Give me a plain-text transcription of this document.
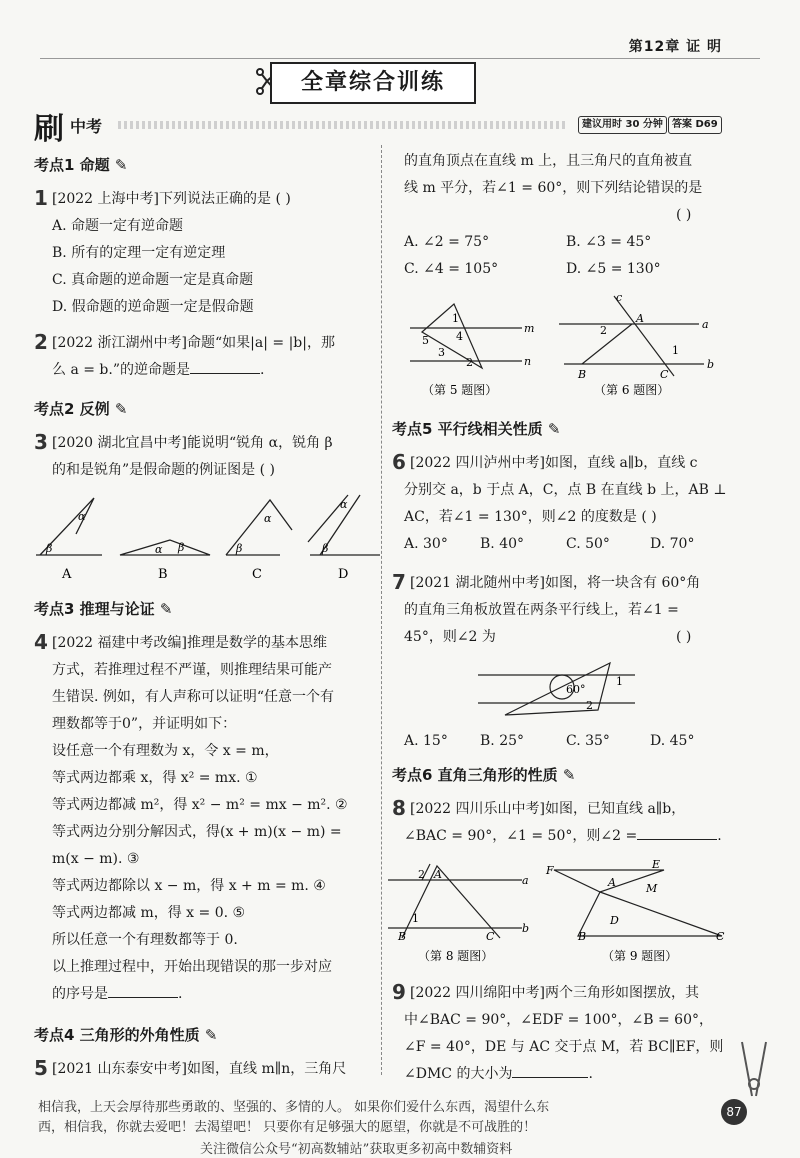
第12章 证 明
全章综合训练
刷 中考	建议用时 30 分钟 答案 D69
考点1 命题 ✎
1 [2022 上海中考]下列说法正确的是 ( )
A. 命题一定有逆命题
B. 所有的定理一定有逆定理
C. 真命题的逆命题一定是真命题
D. 假命题的逆命题一定是假命题
2 [2022 浙江湖州中考]命题“如果|a| = |b|，那
么 a = b.”的逆命题是	.
考点2 反例 ✎
3 [2020 湖北宜昌中考]能说明“锐角 α，锐角 β
的和是锐角”是假命题的例证图是 ( )
β
α
α β	β
α
β
α
A	B	C	D
考点3 推理与论证 ✎
4 [2022 福建中考改编]推理是数学的基本思维
方式，若推理过程不严谨，则推理结果可能产
生错误. 例如，有人声称可以证明“任意一个有
理数都等于0”，并证明如下：
设任意一个有理数为 x，令 x = m，
等式两边都乘 x，得 x² = mx. ①
等式两边都减 m²，得 x² − m² = mx − m². ②
等式两边分别分解因式，得(x + m)(x − m) =
m(x − m). ③
等式两边都除以 x − m，得 x + m = m. ④
等式两边都减 m，得 x = 0. ⑤
所以任意一个有理数都等于 0.
以上推理过程中，开始出现错误的那一步对应
的序号是	.
考点4 三角形的外角性质 ✎
5 [2021 山东泰安中考]如图，直线 m∥n，三角尺
的直角顶点在直线 m 上，且三角尺的直角被直
线 m 平分，若∠1 = 60°，则下列结论错误的是
( )
A. ∠2 = 75°	B. ∠3 = 45°
C. ∠4 = 105°	D. ∠5 = 130°
m
n
1
5 4
3
2
a
b
c
A
2
1
B	C
（第 5 题图）	（第 6 题图）
考点5 平行线相关性质 ✎
6 [2022 四川泸州中考]如图，直线 a∥b，直线 c
分别交 a，b 于点 A，C，点 B 在直线 b 上，AB ⊥
AC，若∠1 = 130°，则∠2 的度数是 ( )
A. 30° B. 40°	C. 50°	D. 70°
7 [2021 湖北随州中考]如图，将一块含有 60°角
的直角三角板放置在两条平行线上，若∠1 =
45°，则∠2 为	( )
60°
1
2
A. 15° B. 25°	C. 35°	D. 45°
考点6 直角三角形的性质 ✎
8 [2022 四川乐山中考]如图，已知直线 a∥b，
∠BAC = 90°，∠1 = 50°，则∠2 =	.
a
b
2 A
1
B	C
F	E
A	M
D
B	C
（第 8 题图）	（第 9 题图）
9 [2022 四川绵阳中考]两个三角形如图摆放，其
中∠BAC = 90°，∠EDF = 100°，∠B = 60°，
∠F = 40°，DE 与 AC 交于点 M，若 BC∥EF，则
∠DMC 的大小为	.
相信我，上天会厚待那些勇敢的、坚强的、多情的人。 如果你们爱什么东西，渴望什么东
西，相信我，你就去爱吧！去渴望吧！ 只要你有足够强大的愿望，你就是不可战胜的！
关注微信公众号“初高数辅站”获取更多初高中数辅资料
87
